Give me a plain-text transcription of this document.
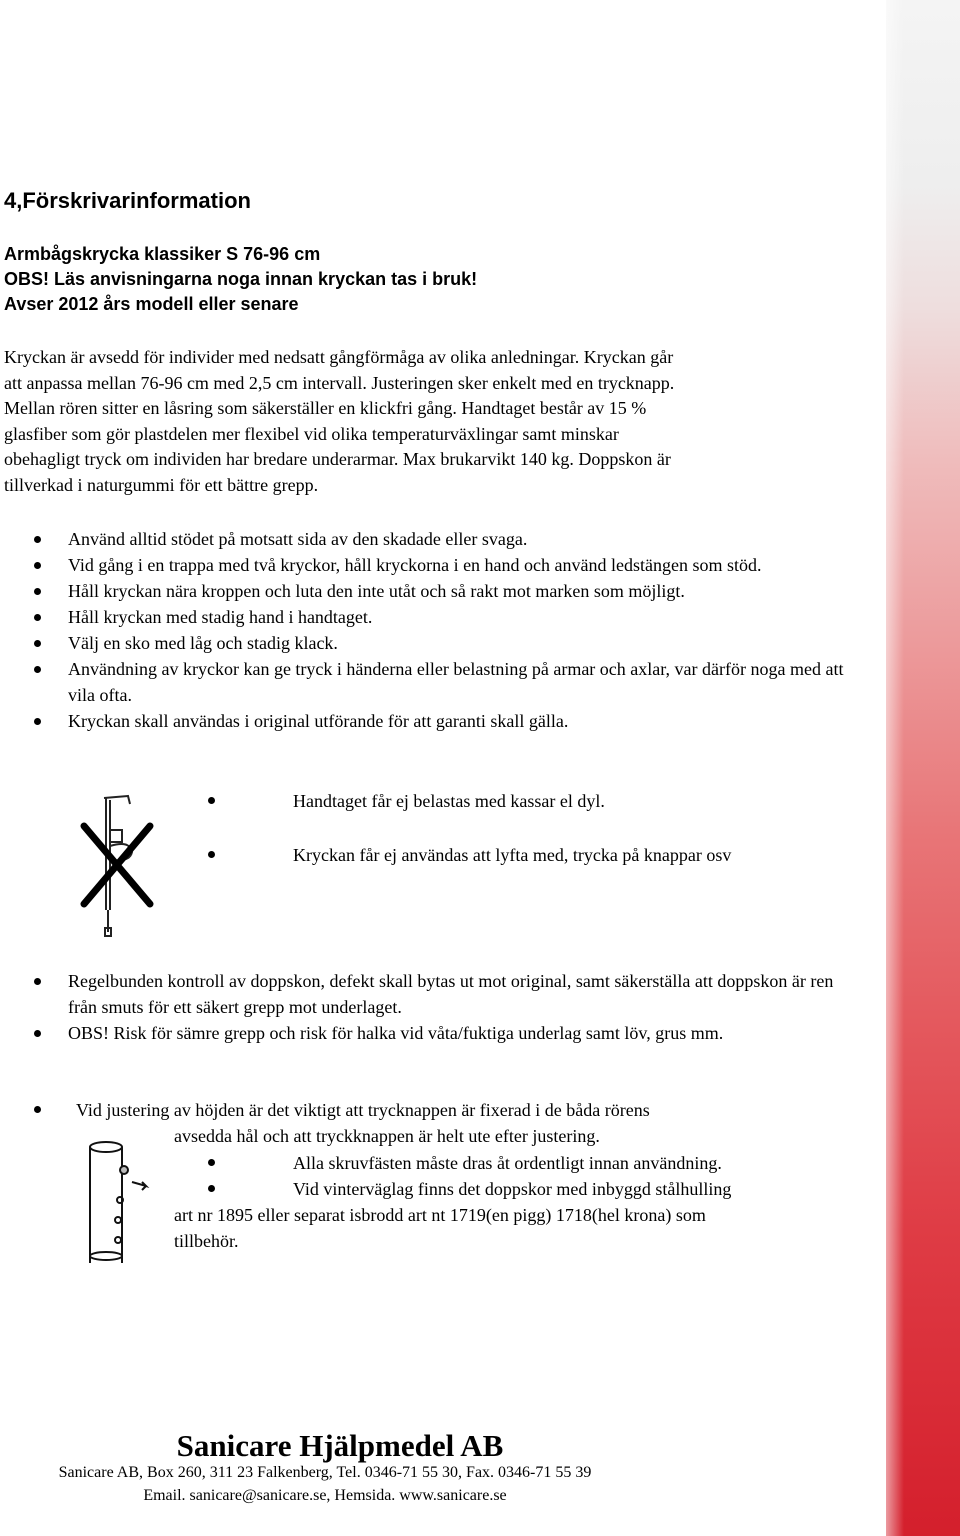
4,Förskrivarinformation
Armbågskrycka klassiker S 76-96 cm
OBS! Läs anvisningarna noga innan kryckan tas i bruk!
Avser 2012 års modell eller senare
Kryckan är avsedd för individer med nedsatt gångförmåga av olika anledningar. Kryckan går
att anpassa mellan 76-96 cm med 2,5 cm intervall. Justeringen sker enkelt med en trycknapp.
Mellan rören sitter en låsring som säkerställer en klickfri gång. Handtaget består av 15 %
glasfiber som gör plastdelen mer flexibel vid olika temperaturväxlingar samt minskar
obehagligt tryck om individen har bredare underarmar. Max brukarvikt 140 kg. Doppskon är
tillverkad i naturgummi för ett bättre grepp.
Använd alltid stödet på motsatt sida av den skadade eller svaga.
Vid gång i en trappa med två kryckor, håll kryckorna i en hand och använd ledstängen som stöd.
Håll kryckan nära kroppen och luta den inte utåt och så rakt mot marken som möjligt.
Håll kryckan med stadig hand i handtaget.
Välj en sko med låg och stadig klack.
Användning av kryckor kan ge tryck i händerna eller belastning på armar och axlar, var därför noga med att vila ofta.
Kryckan skall användas i original utförande för att garanti skall gälla.
Handtaget får ej belastas med kassar el dyl.
Kryckan får ej användas att lyfta med, trycka på knappar osv
Regelbunden kontroll av doppskon, defekt skall bytas ut mot original, samt säkerställa att doppskon är ren från smuts för ett säkert grepp mot underlaget.
OBS! Risk för sämre grepp och risk för halka vid våta/fuktiga underlag samt löv, grus mm.
Vid justering av höjden är det viktigt att trycknappen är fixerad i de båda rörens
avsedda hål och att tryckknappen är helt ute efter justering.
Alla skruvfästen måste dras åt ordentligt innan användning.
Vid vinterväglag finns det doppskor med inbyggd stålhulling
art nr 1895 eller separat isbrodd art nt 1719(en pigg) 1718(hel krona) som
tillbehör.
Sanicare Hjälpmedel AB
Sanicare AB, Box 260, 311 23 Falkenberg, Tel. 0346-71 55 30, Fax. 0346-71 55 39
Email. sanicare@sanicare.se, Hemsida. www.sanicare.se
